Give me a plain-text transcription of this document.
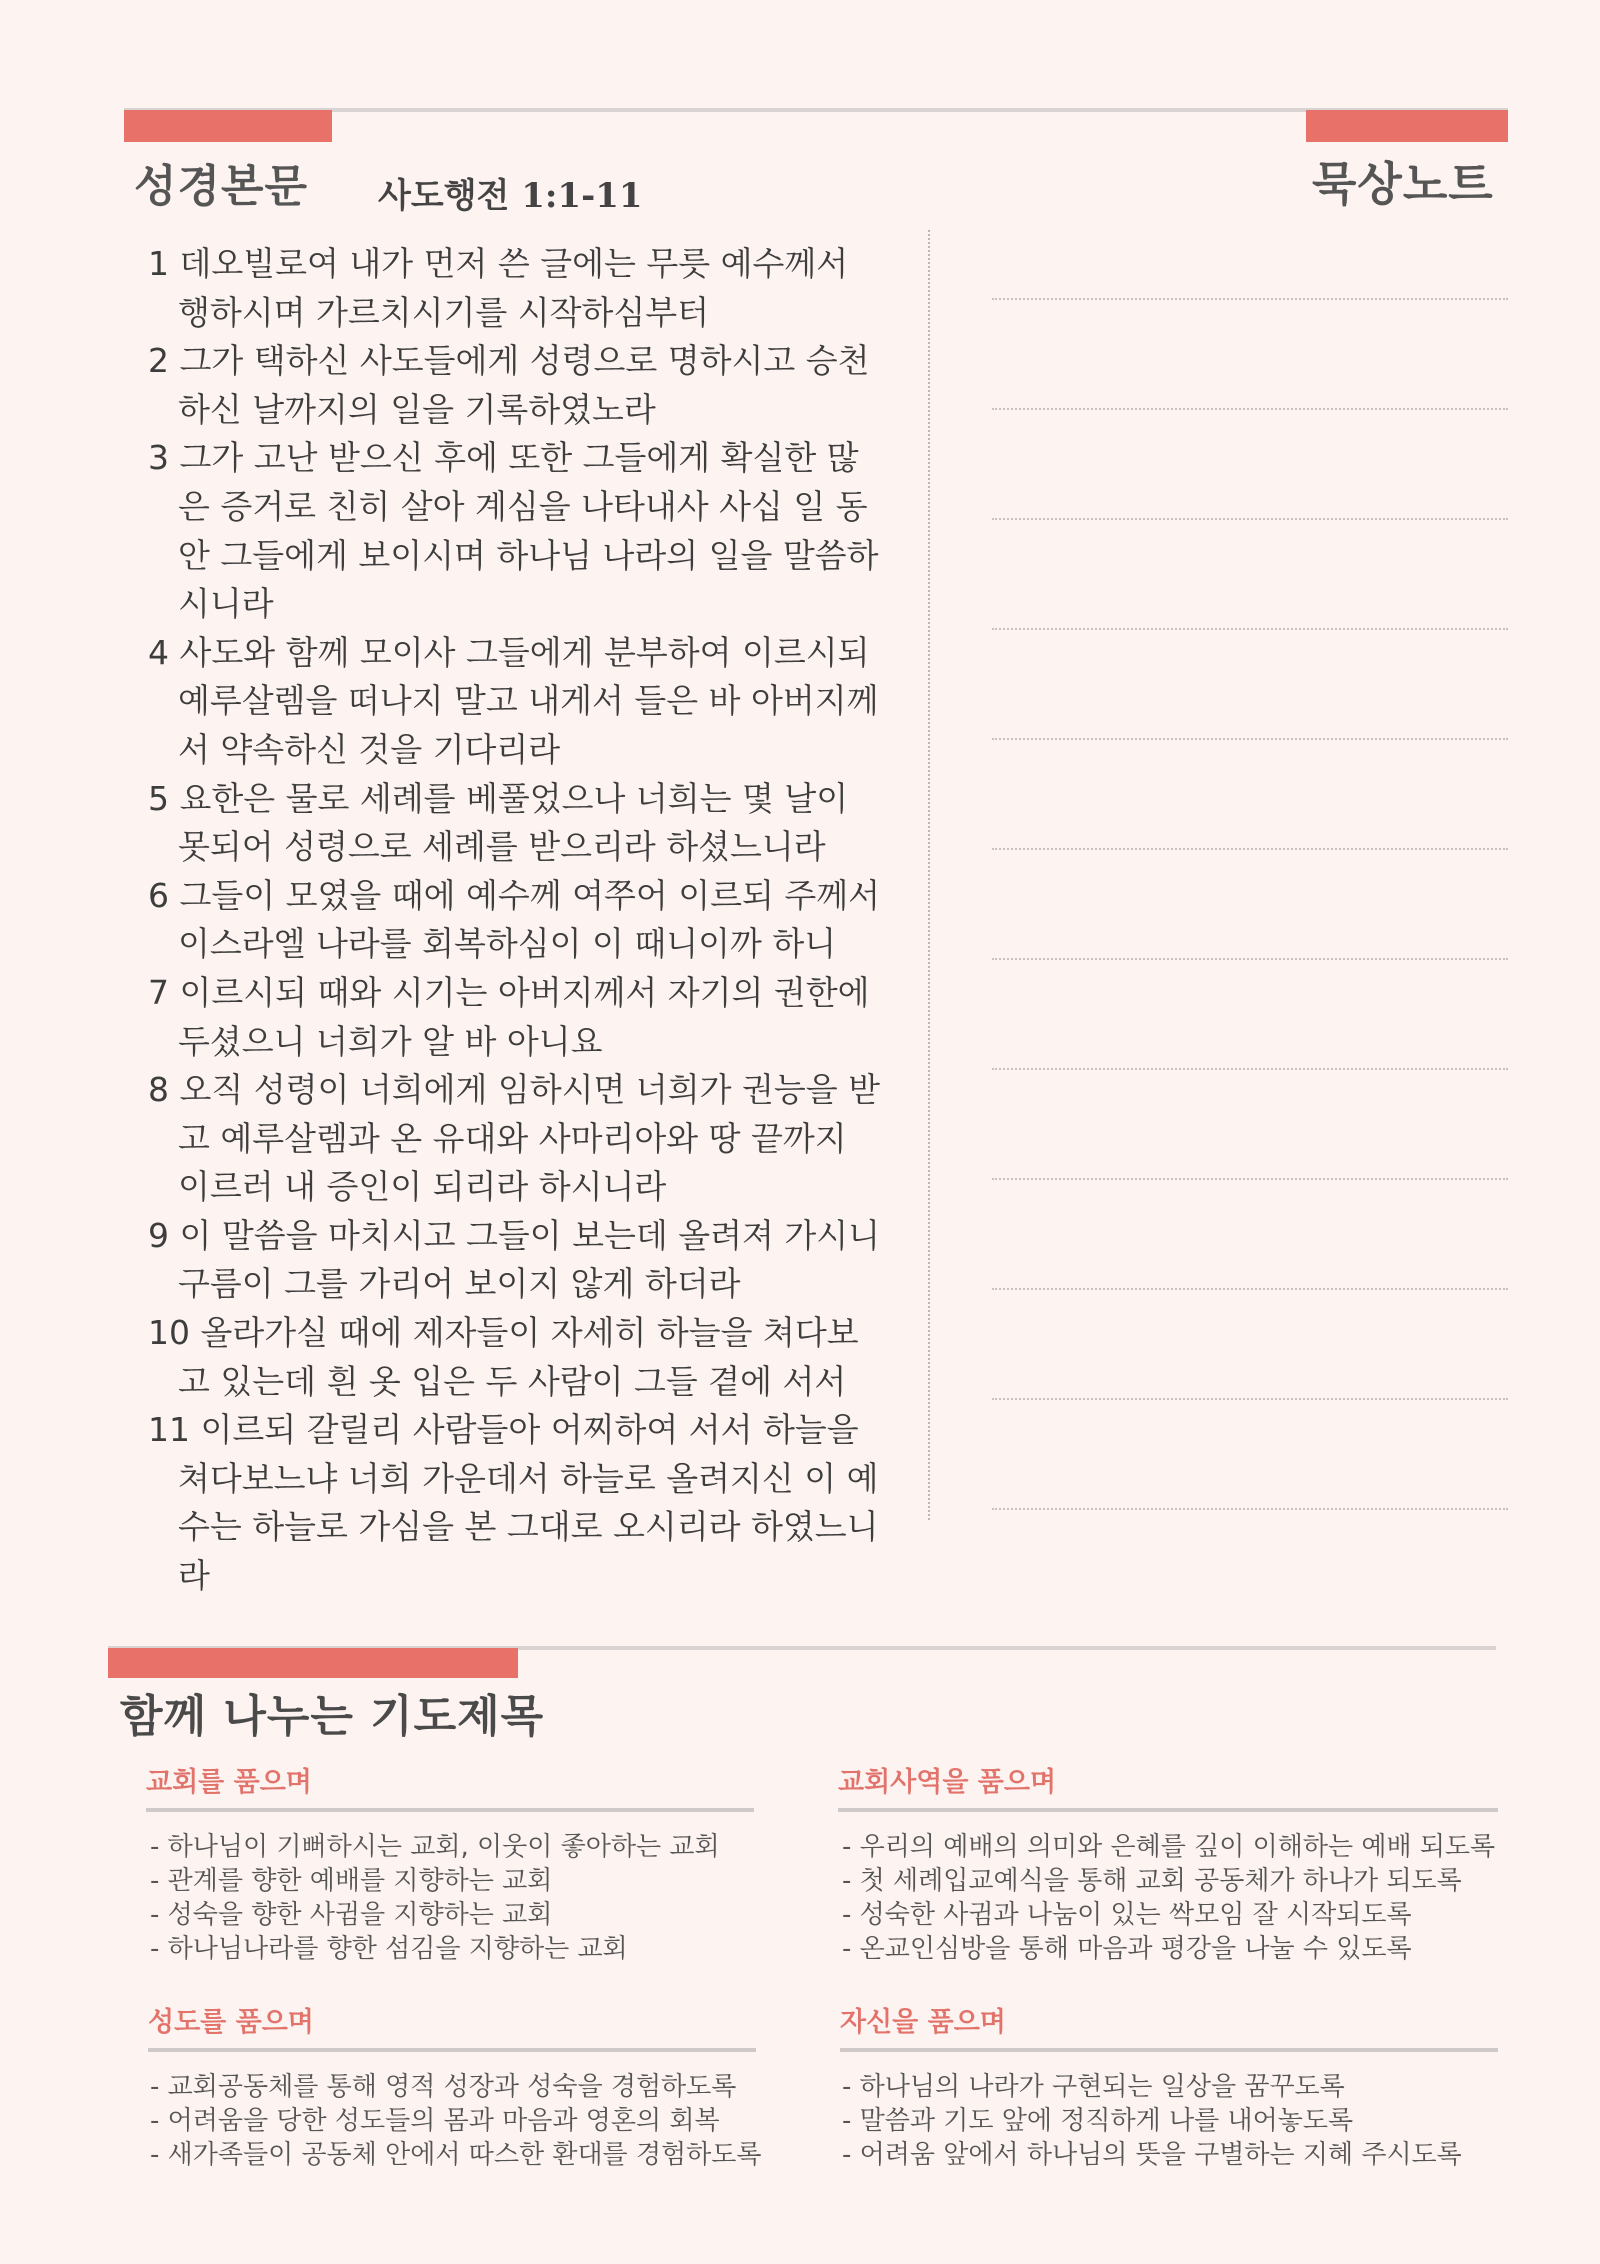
성경본문 사도행전 1:1-11	묵상노트
1 데오빌로여 내가 먼저 쓴 글에는 무릇 예수께서 행하시며 가르치시기를 시작하심부터
2 그가 택하신 사도들에게 성령으로 명하시고 승천하신 날까지의 일을 기록하였노라
3 그가 고난 받으신 후에 또한 그들에게 확실한 많은 증거로 친히 살아 계심을 나타내사 사십 일 동안 그들에게 보이시며 하나님 나라의 일을 말씀하시니라
4 사도와 함께 모이사 그들에게 분부하여 이르시되 예루살렘을 떠나지 말고 내게서 들은 바 아버지께서 약속하신 것을 기다리라
5 요한은 물로 세례를 베풀었으나 너희는 몇 날이 못되어 성령으로 세례를 받으리라 하셨느니라
6 그들이 모였을 때에 예수께 여쭈어 이르되 주께서 이스라엘 나라를 회복하심이 이 때니이까 하니
7 이르시되 때와 시기는 아버지께서 자기의 권한에 두셨으니 너희가 알 바 아니요
8 오직 성령이 너희에게 임하시면 너희가 권능을 받고 예루살렘과 온 유대와 사마리아와 땅 끝까지 이르러 내 증인이 되리라 하시니라
9 이 말씀을 마치시고 그들이 보는데 올려져 가시니 구름이 그를 가리어 보이지 않게 하더라
10 올라가실 때에 제자들이 자세히 하늘을 쳐다보고 있는데 흰 옷 입은 두 사람이 그들 곁에 서서
11 이르되 갈릴리 사람들아 어찌하여 서서 하늘을 쳐다보느냐 너희 가운데서 하늘로 올려지신 이 예수는 하늘로 가심을 본 그대로 오시리라 하였느니라
함께 나누는 기도제목
교회를 품으며
- 하나님이 기뻐하시는 교회, 이웃이 좋아하는 교회
- 관계를 향한 예배를 지향하는 교회
- 성숙을 향한 사귐을 지향하는 교회
- 하나님나라를 향한 섬김을 지향하는 교회
교회사역을 품으며
- 우리의 예배의 의미와 은혜를 깊이 이해하는 예배 되도록
- 첫 세례입교예식을 통해 교회 공동체가 하나가 되도록
- 성숙한 사귐과 나눔이 있는 싹모임 잘 시작되도록
- 온교인심방을 통해 마음과 평강을 나눌 수 있도록
성도를 품으며
- 교회공동체를 통해 영적 성장과 성숙을 경험하도록
- 어려움을 당한 성도들의 몸과 마음과 영혼의 회복
- 새가족들이 공동체 안에서 따스한 환대를 경험하도록
자신을 품으며
- 하나님의 나라가 구현되는 일상을 꿈꾸도록
- 말씀과 기도 앞에 정직하게 나를 내어놓도록
- 어려움 앞에서 하나님의 뜻을 구별하는 지혜 주시도록
